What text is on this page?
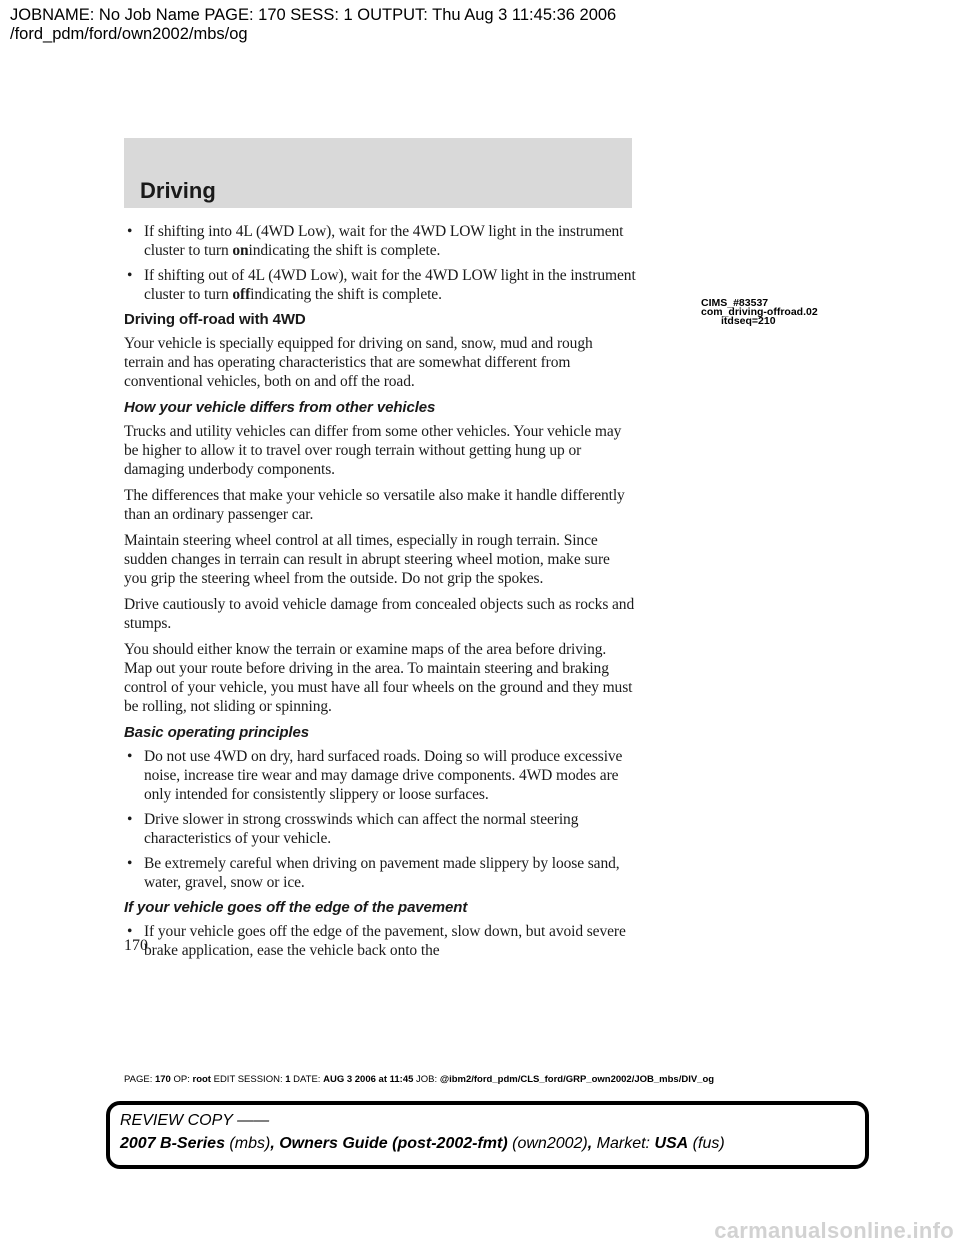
JOBNAME: No Job Name PAGE: 170 SESS: 1 OUTPUT: Thu Aug 3 11:45:36 2006
/ford_pdm/ford/own2002/mbs/og
Driving
CIMS_#83537
com_driving-offroad.02
itdseq=210
• If shifting into 4L (4WD Low), wait for the 4WD LOW light in the instrument cluster to turn onindicating the shift is complete.
• If shifting out of 4L (4WD Low), wait for the 4WD LOW light in the instrument cluster to turn offindicating the shift is complete.
Driving off-road with 4WD

Your vehicle is specially equipped for driving on sand, snow, mud and rough terrain and has operating characteristics that are somewhat different from conventional vehicles, both on and off the road.

How your vehicle differs from other vehicles

Trucks and utility vehicles can differ from some other vehicles. Your vehicle may be higher to allow it to travel over rough terrain without getting hung up or damaging underbody components.

The differences that make your vehicle so versatile also make it handle differently than an ordinary passenger car.

Maintain steering wheel control at all times, especially in rough terrain. Since sudden changes in terrain can result in abrupt steering wheel motion, make sure you grip the steering wheel from the outside. Do not grip the spokes.

Drive cautiously to avoid vehicle damage from concealed objects such as rocks and stumps.

You should either know the terrain or examine maps of the area before driving. Map out your route before driving in the area. To maintain steering and braking control of your vehicle, you must have all four wheels on the ground and they must be rolling, not sliding or spinning.

Basic operating principles
• Do not use 4WD on dry, hard surfaced roads. Doing so will produce excessive noise, increase tire wear and may damage drive components. 4WD modes are only intended for consistently slippery or loose surfaces.
• Drive slower in strong crosswinds which can affect the normal steering characteristics of your vehicle.
• Be extremely careful when driving on pavement made slippery by loose sand, water, gravel, snow or ice.
If your vehicle goes off the edge of the pavement
• If your vehicle goes off the edge of the pavement, slow down, but avoid severe brake application, ease the vehicle back onto the
170
PAGE: 170 OP: root EDIT SESSION: 1 DATE: AUG 3 2006 at 11:45 JOB: @ibm2/ford_pdm/CLS_ford/GRP_own2002/JOB_mbs/DIV_og
REVIEW COPY ——
2007 B-Series (mbs), Owners Guide (post-2002-fmt) (own2002), Market: USA (fus)
carmanualsonline.info
